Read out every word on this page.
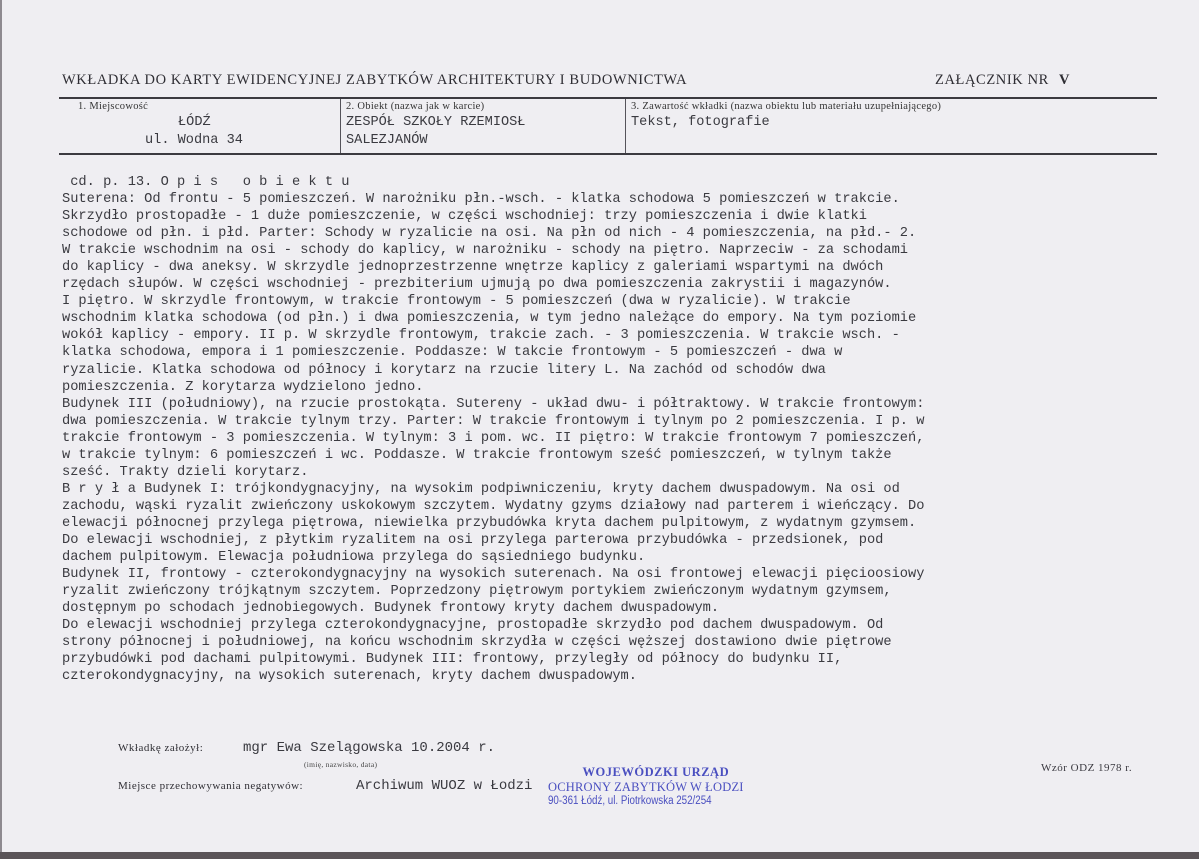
WKŁADKA DO KARTY EWIDENCYJNEJ ZABYTKÓW ARCHITEKTURY I BUDOWNICTWA	ZAŁĄCZNIK NR V
1. Miejscowość
ŁÓDŹ
ul. Wodna 34
2. Obiekt (nazwa jak w karcie)
ZESPÓŁ SZKOŁY RZEMIOSŁ
SALEZJANÓW
3. Zawartość wkładki (nazwa obiektu lub materiału uzupełniającego)
Tekst, fotografie
cd. p. 13. O p i s   o b i e k t u
Suterena: Od frontu - 5 pomieszczeń. W narożniku płn.-wsch. - klatka schodowa 5 pomieszczeń w trakcie.
Skrzydło prostopadłe - 1 duże pomieszczenie, w części wschodniej: trzy pomieszczenia i dwie klatki
schodowe od płn. i płd. Parter: Schody w ryzalicie na osi. Na płn od nich - 4 pomieszczenia, na płd.- 2.
W trakcie wschodnim na osi - schody do kaplicy, w narożniku - schody na piętro. Naprzeciw - za schodami
do kaplicy - dwa aneksy. W skrzydle jednoprzestrzenne wnętrze kaplicy z galeriami wspartymi na dwóch
rzędach słupów. W części wschodniej - prezbiterium ujmują po dwa pomieszczenia zakrystii i magazynów.
I piętro. W skrzydle frontowym, w trakcie frontowym - 5 pomieszczeń (dwa w ryzalicie). W trakcie
wschodnim klatka schodowa (od płn.) i dwa pomieszczenia, w tym jedno należące do empory. Na tym poziomie
wokół kaplicy - empory. II p. W skrzydle frontowym, trakcie zach. - 3 pomieszczenia. W trakcie wsch. -
klatka schodowa, empora i 1 pomieszczenie. Poddasze: W takcie frontowym - 5 pomieszczeń - dwa w
ryzalicie. Klatka schodowa od północy i korytarz na rzucie litery L. Na zachód od schodów dwa
pomieszczenia. Z korytarza wydzielono jedno.
Budynek III (południowy), na rzucie prostokąta. Sutereny - układ dwu- i półtraktowy. W trakcie frontowym:
dwa pomieszczenia. W trakcie tylnym trzy. Parter: W trakcie frontowym i tylnym po 2 pomieszczenia. I p. w
trakcie frontowym - 3 pomieszczenia. W tylnym: 3 i pom. wc. II piętro: W trakcie frontowym 7 pomieszczeń,
w trakcie tylnym: 6 pomieszczeń i wc. Poddasze. W trakcie frontowym sześć pomieszczeń, w tylnym także
sześć. Trakty dzieli korytarz.
B r y ł a Budynek I: trójkondygnacyjny, na wysokim podpiwniczeniu, kryty dachem dwuspadowym. Na osi od
zachodu, wąski ryzalit zwieńczony uskokowym szczytem. Wydatny gzyms działowy nad parterem i wieńczący. Do
elewacji północnej przylega piętrowa, niewielka przybudówka kryta dachem pulpitowym, z wydatnym gzymsem.
Do elewacji wschodniej, z płytkim ryzalitem na osi przylega parterowa przybudówka - przedsionek, pod
dachem pulpitowym. Elewacja południowa przylega do sąsiedniego budynku.
Budynek II, frontowy - czterokondygnacyjny na wysokich suterenach. Na osi frontowej elewacji pięcioosiowy
ryzalit zwieńczony trójkątnym szczytem. Poprzedzony piętrowym portykiem zwieńczonym wydatnym gzymsem,
dostępnym po schodach jednobiegowych. Budynek frontowy kryty dachem dwuspadowym.
Do elewacji wschodniej przylega czterokondygnacyjne, prostopadłe skrzydło pod dachem dwuspadowym. Od
strony północnej i południowej, na końcu wschodnim skrzydła w części węższej dostawiono dwie piętrowe
przybudówki pod dachami pulpitowymi. Budynek III: frontowy, przyległy od północy do budynku II,
czterokondygnacyjny, na wysokich suterenach, kryty dachem dwuspadowym.
Wkładkę założył:	mgr Ewa Szelągowska 10.2004 r.
(imię, nazwisko, data)
Miejsce przechowywania negatywów:	Archiwum WUOZ w Łodzi
WOJEWÓDZKI URZĄD
OCHRONY ZABYTKÓW W ŁODZI
90-361 Łódź, ul. Piotrkowska 252/254
Wzór ODZ 1978 r.
